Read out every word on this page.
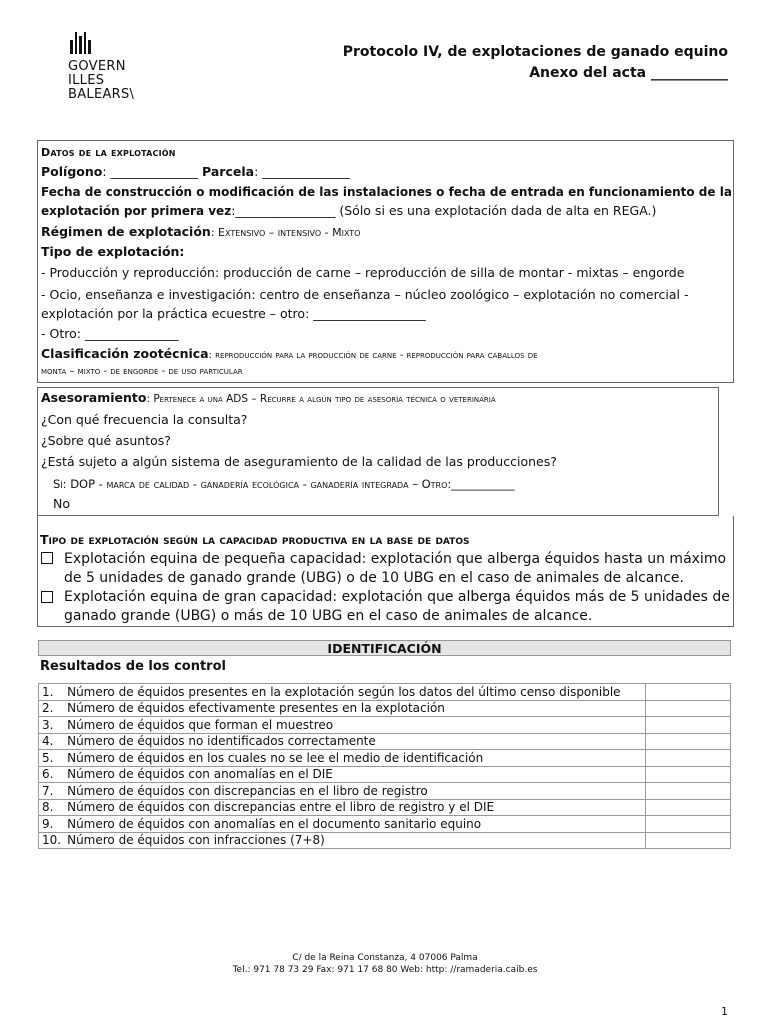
GOVERN
ILLES
BALEARS\
Protocolo IV, de explotaciones de ganado equino
Anexo del acta ___________
Datos de la explotación
Polígono: ______________ Parcela: ______________
Fecha de construcción o modificación de las instalaciones o fecha de entrada en funcionamiento de la
explotación por primera vez:________________ (Sólo si es una explotación dada de alta en REGA.)
Régimen de explotación: Extensivo – intensivo - Mixto
Tipo de explotación:
- Producción y reproducción: producción de carne – reproducción de silla de montar - mixtas – engorde
- Ocio, enseñanza e investigación: centro de enseñanza – núcleo zoológico – explotación no comercial -
explotación por la práctica ecuestre – otro: __________________
- Otro: _______________
Clasificación zootécnica: reproducción para la producción de carne - reproducción para caballos de
monta – mixto - de engorde - de uso particular
Asesoramiento: Pertenece a una ADS – Recurre a algún tipo de asesoría técnica o veterinaria
¿Con qué frecuencia la consulta?
¿Sobre qué asuntos?
¿Está sujeto a algún sistema de aseguramiento de la calidad de las producciones?
Sí: DOP - marca de calidad - ganadería ecológica - ganadería integrada – Otro:___________
No
Tipo de explotación según la capacidad productiva en la base de datos
Explotación equina de pequeña capacidad: explotación que alberga équidos hasta un máximo
de 5 unidades de ganado grande (UBG) o de 10 UBG en el caso de animales de alcance.
Explotación equina de gran capacidad: explotación que alberga équidos más de 5 unidades de
ganado grande (UBG) o más de 10 UBG en el caso de animales de alcance.
IDENTIFICACIÓN
Resultados de los control
1.	Número de équidos presentes en la explotación según los datos del último censo disponible	
2.	Número de équidos efectivamente presentes en la explotación	
3.	Número de équidos que forman el muestreo	
4.	Número de équidos no identificados correctamente	
5.	Número de équidos en los cuales no se lee el medio de identificación	
6.	Número de équidos con anomalías en el DIE	
7.	Número de équidos con discrepancias en el libro de registro	
8.	Número de équidos con discrepancias entre el libro de registro y el DIE	
9.	Número de équidos con anomalías en el documento sanitario equino	
10.	Número de équidos con infracciones (7+8)	
C/ de la Reina Constanza, 4 07006 Palma
Tel.: 971 78 73 29 Fax: 971 17 68 80 Web: http: //ramaderia.caib.es
1
